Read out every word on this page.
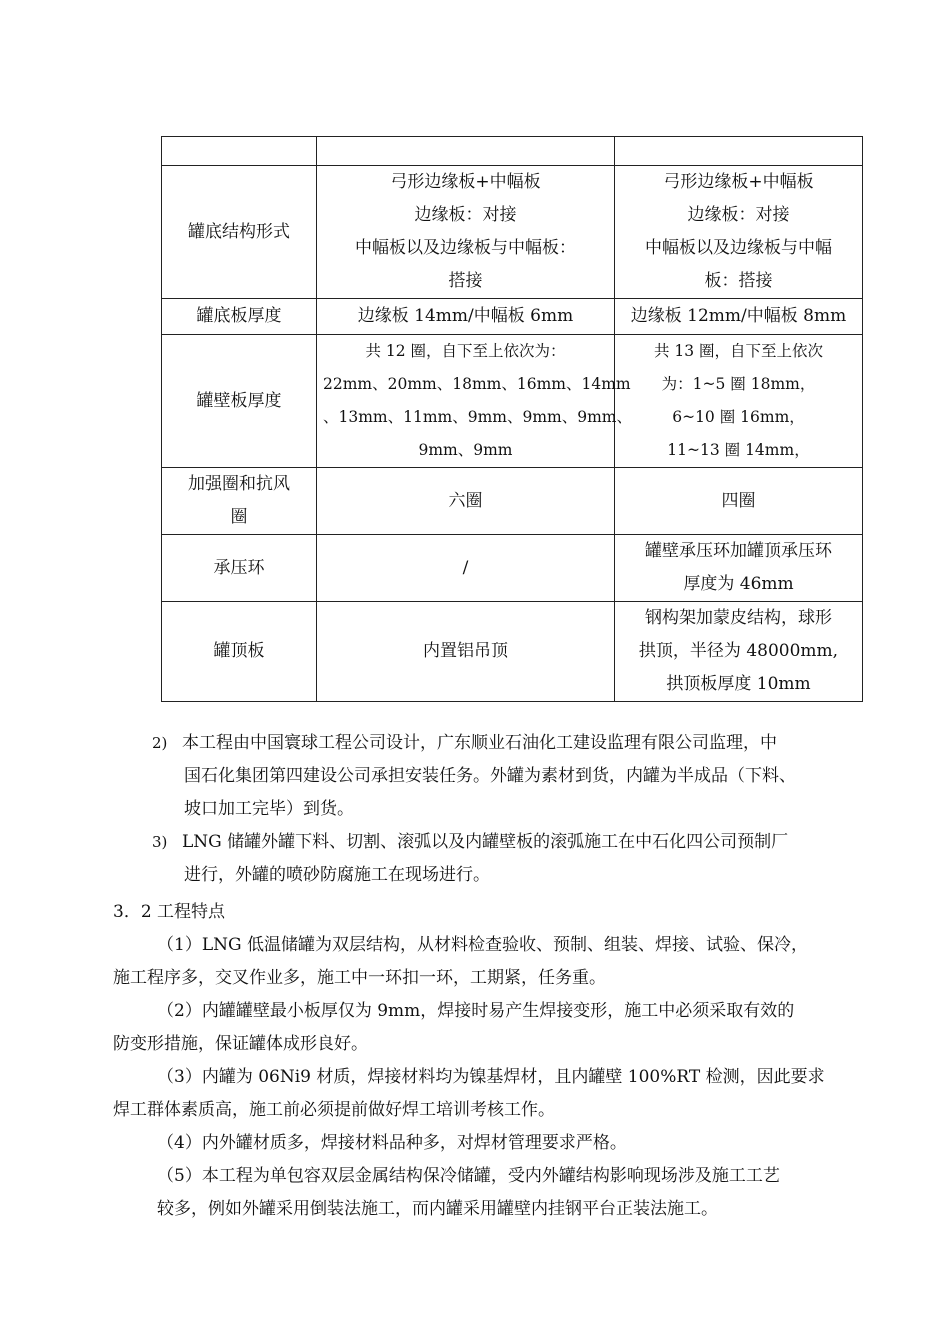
罐底结构形式	弓形边缘板+中幅板
边缘板：对接
中幅板以及边缘板与中幅板：
搭接	弓形边缘板+中幅板
边缘板：对接
中幅板以及边缘板与中幅
板：搭接

罐底板厚度	边缘板 14mm/中幅板 6mm	边缘板 12mm/中幅板 8mm

罐壁板厚度	共 12 圈，自下至上依次为：
22mm、20mm、18mm、16mm、14mm
、13mm、11mm、9mm、9mm、9mm、
9mm、9mm	共 13 圈，自下至上依次
为：1~5 圈 18mm，
6~10 圈 16mm，
11~13 圈 14mm，

加强圈和抗风
圈	六圈	四圈

承压环	/	罐壁承压环加罐顶承压环
厚度为 46mm

罐顶板	内置铝吊顶	钢构架加蒙皮结构，球形
拱顶，半径为 48000mm,
拱顶板厚度 10mm
2) 本工程由中国寰球工程公司设计，广东顺业石油化工建设监理有限公司监理，中
国石化集团第四建设公司承担安装任务。外罐为素材到货，内罐为半成品（下料、
坡口加工完毕）到货。
3) LNG 储罐外罐下料、切割、滚弧以及内罐壁板的滚弧施工在中石化四公司预制厂
进行，外罐的喷砂防腐施工在现场进行。
3．2 工程特点
（1）LNG 低温储罐为双层结构，从材料检查验收、预制、组装、焊接、试验、保冷，
施工程序多，交叉作业多，施工中一环扣一环，工期紧，任务重。
（2）内罐罐壁最小板厚仅为 9mm，焊接时易产生焊接变形，施工中必须采取有效的
防变形措施，保证罐体成形良好。
（3）内罐为 06Ni9 材质，焊接材料均为镍基焊材，且内罐壁 100%RT 检测，因此要求
焊工群体素质高，施工前必须提前做好焊工培训考核工作。
（4）内外罐材质多，焊接材料品种多，对焊材管理要求严格。
（5）本工程为单包容双层金属结构保冷储罐，受内外罐结构影响现场涉及施工工艺
较多，例如外罐采用倒装法施工，而内罐采用罐壁内挂钢平台正装法施工。
